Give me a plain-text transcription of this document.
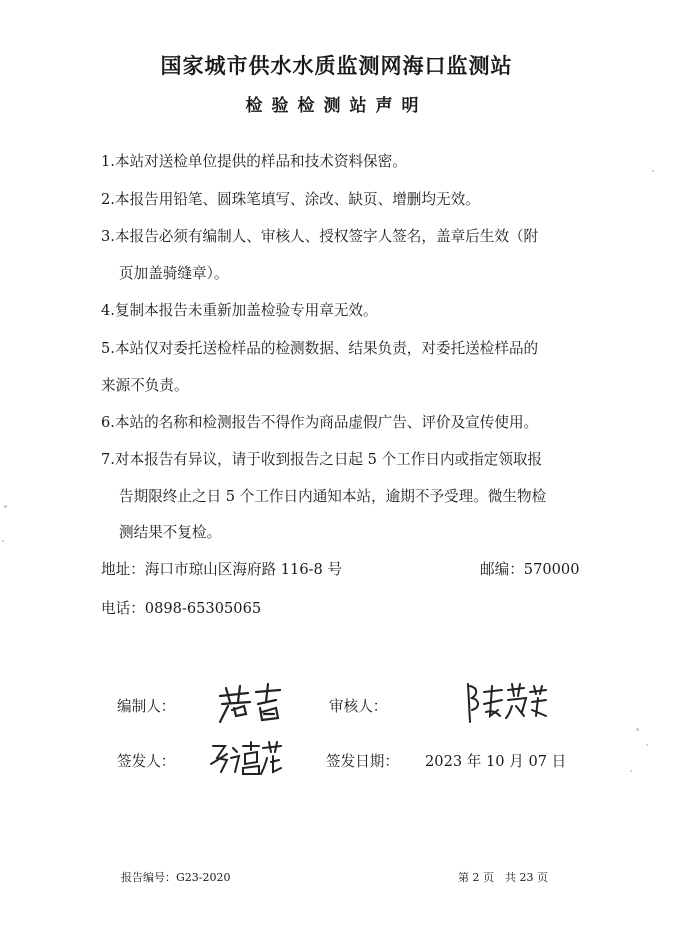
国家城市供水水质监测网海口监测站
检验检测站声明
1.本站对送检单位提供的样品和技术资料保密。
2.本报告用铅笔、圆珠笔填写、涂改、缺页、增删均无效。
3.本报告必须有编制人、审核人、授权签字人签名，盖章后生效（附
页加盖骑缝章）。
4.复制本报告未重新加盖检验专用章无效。
5.本站仅对委托送检样品的检测数据、结果负责，对委托送检样品的
来源不负责。
6.本站的名称和检测报告不得作为商品虚假广告、评价及宣传使用。
7.对本报告有异议，请于收到报告之日起 5 个工作日内或指定领取报
告期限终止之日 5 个工作日内通知本站，逾期不予受理。微生物检
测结果不复检。
地址：海口市琼山区海府路 116-8 号	邮编：570000
电话：0898-65305065
编制人：	审核人：
签发人：	签发日期： 2023 年 10 月 07 日
报告编号：G23-2020	第 2 页　共 23 页
